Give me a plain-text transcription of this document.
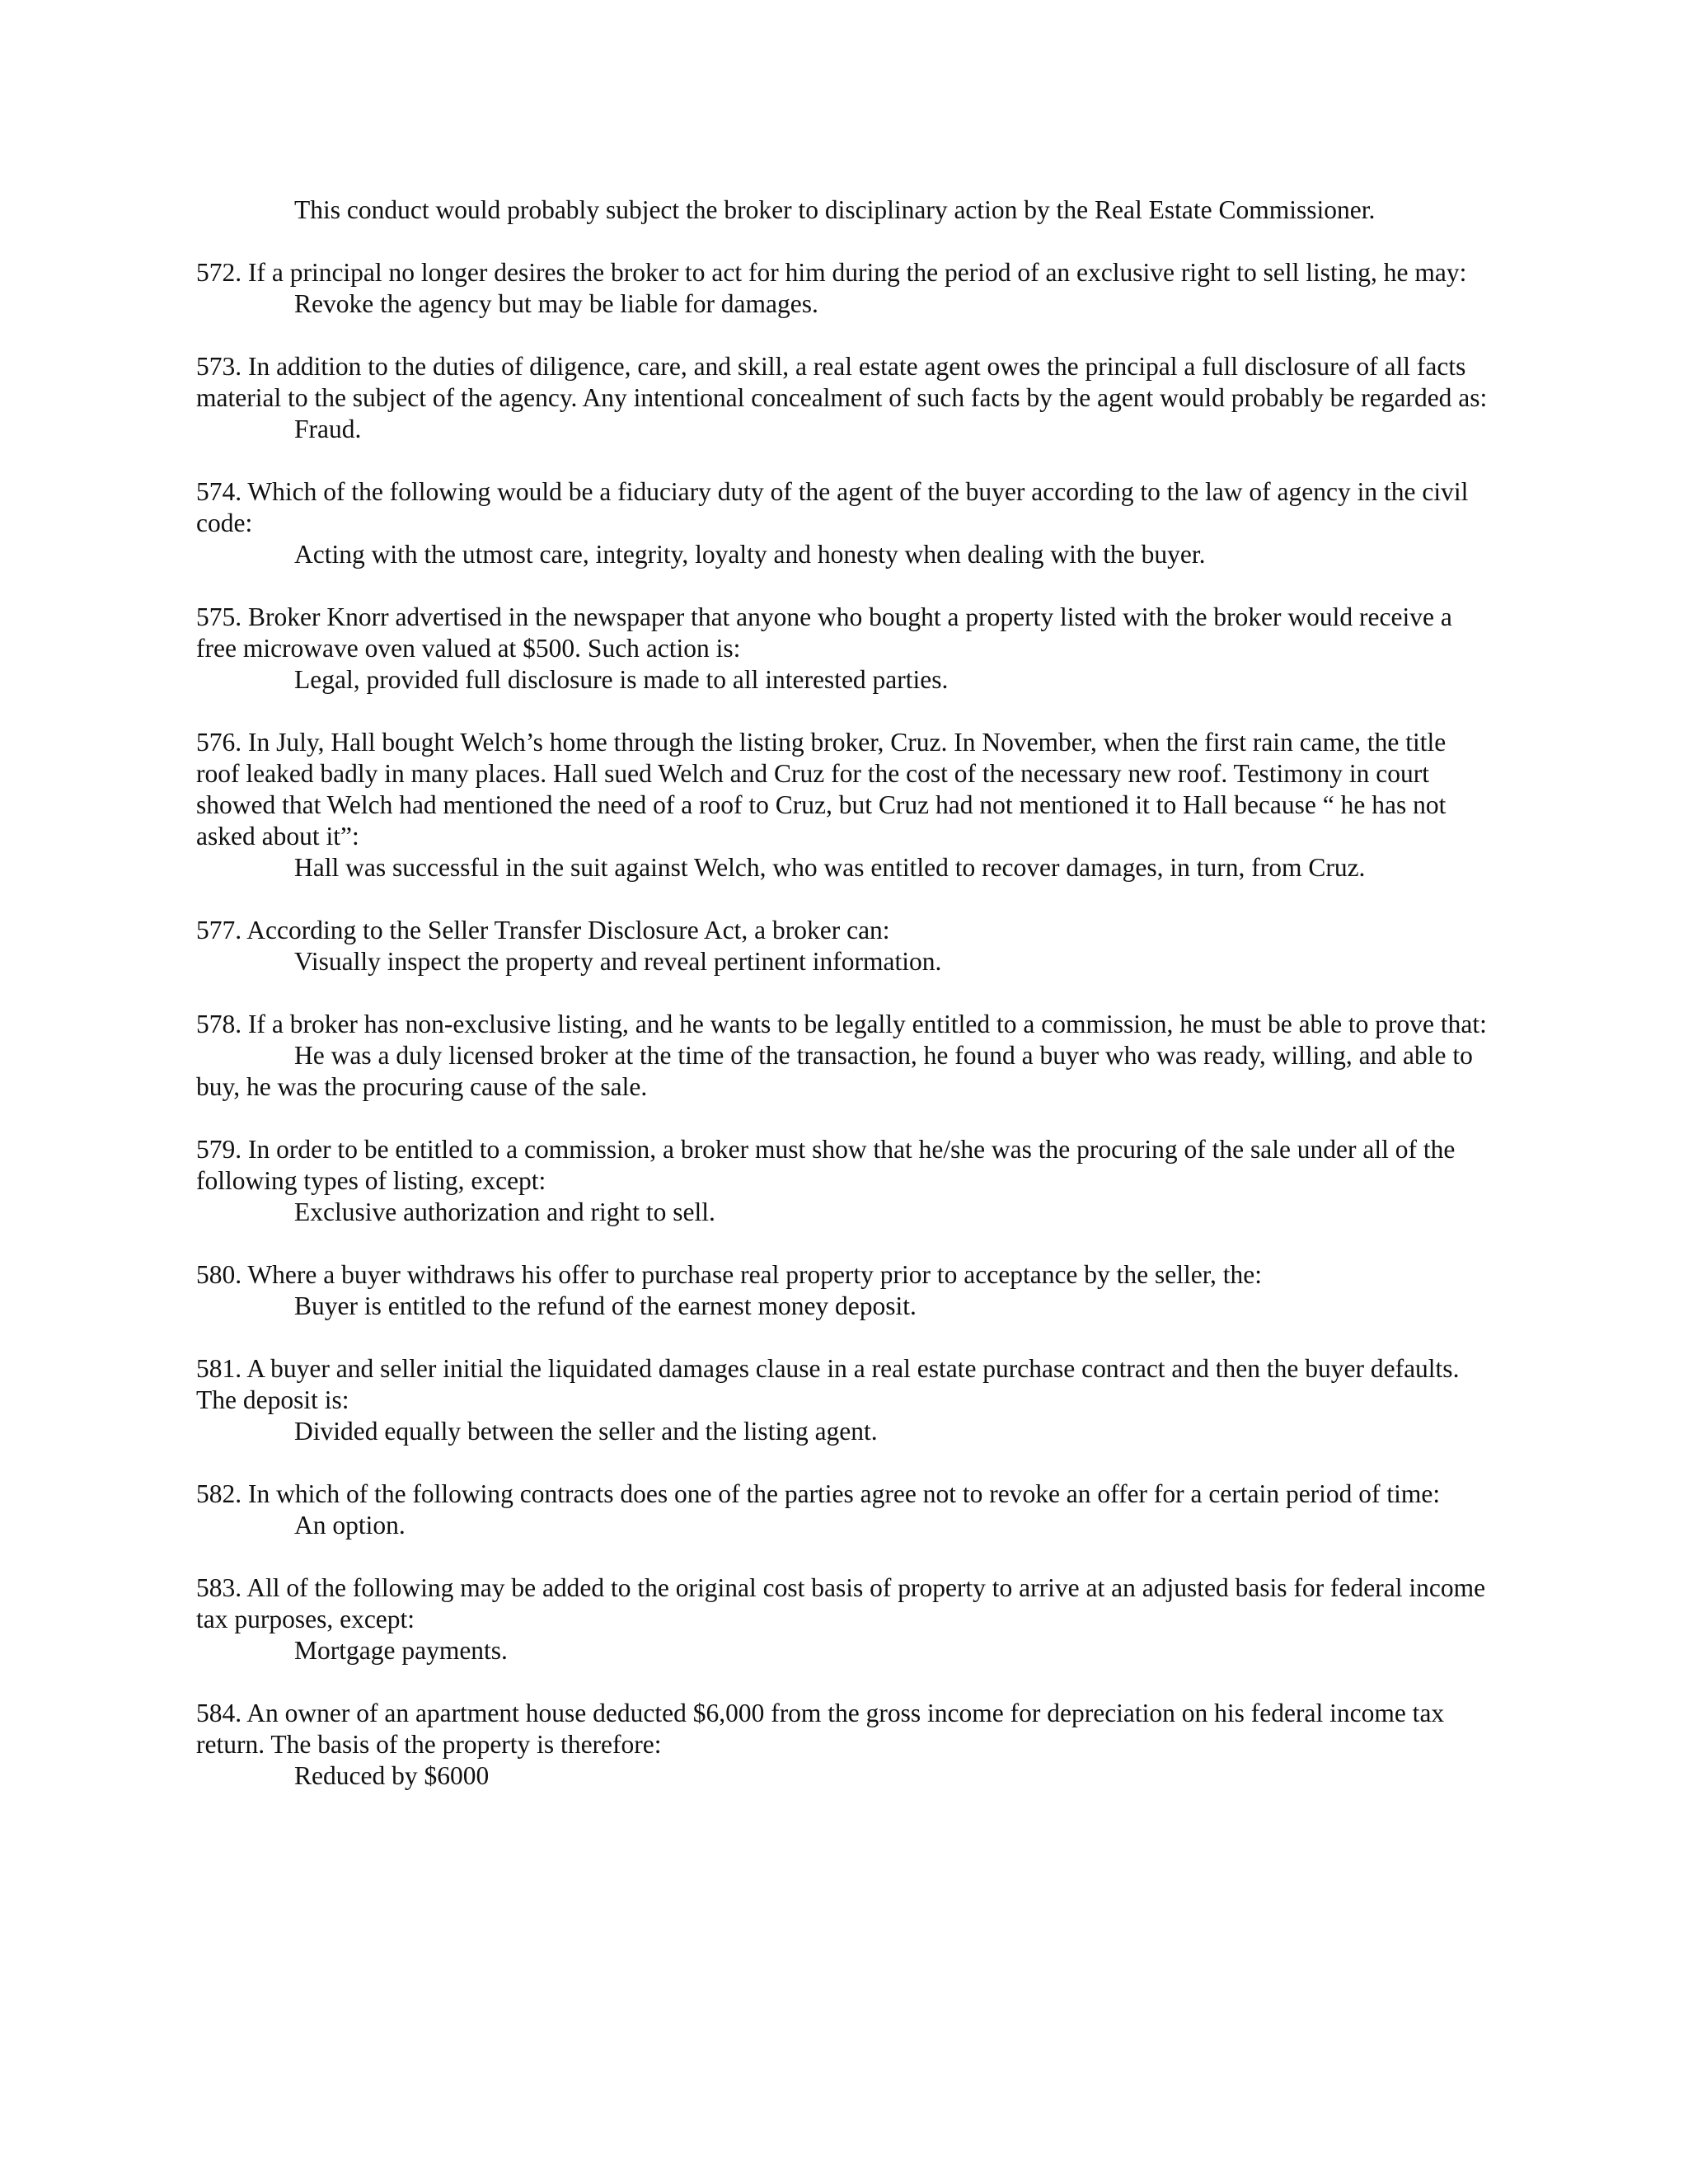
This conduct would probably subject the broker to disciplinary action by the Real Estate Commissioner.
572. If a principal no longer desires the broker to act for him during the period of an exclusive right to sell listing, he may:
Revoke the agency but may be liable for damages.
573. In addition to the duties of diligence, care, and skill, a real estate agent owes the principal a full disclosure of all facts material to the subject of the agency. Any intentional concealment of such facts by the agent would probably be regarded as:
Fraud.
574. Which of the following would be a fiduciary duty of the agent of the buyer according to the law of agency in the civil code:
Acting with the utmost care, integrity, loyalty and honesty when dealing with the buyer.
575. Broker Knorr advertised in the newspaper that anyone who bought a property listed with the broker would receive a free microwave oven valued at $500. Such action is:
Legal, provided full disclosure is made to all interested parties.
576. In July, Hall bought Welch’s home through the listing broker, Cruz. In November, when the first rain came, the title roof leaked badly in many places. Hall sued Welch and Cruz for the cost of the necessary new roof. Testimony in court showed that Welch had mentioned the need of a roof to Cruz, but Cruz had not mentioned it to Hall because “ he has not asked about it”:
Hall was successful in the suit against Welch, who was entitled to recover damages, in turn, from Cruz.
577. According to the Seller Transfer Disclosure Act, a broker can:
Visually inspect the property and reveal pertinent information.
578. If a broker has non-exclusive listing, and he wants to be legally entitled to a commission, he must be able to prove that:
He was a duly licensed broker at the time of the transaction, he found a buyer who was ready, willing, and able to buy, he was the procuring cause of the sale.
579. In order to be entitled to a commission, a broker must show that he/she was the procuring of the sale under all of the following types of listing, except:
Exclusive authorization and right to sell.
580. Where a buyer withdraws his offer to purchase real property prior to acceptance by the seller, the:
Buyer is entitled to the refund of the earnest money deposit.
581. A buyer and seller initial the liquidated damages clause in a real estate purchase contract and then the buyer defaults. The deposit is:
Divided equally between the seller and the listing agent.
582. In which of the following contracts does one of the parties agree not to revoke an offer for a certain period of time:
An option.
583. All of the following may be added to the original cost basis of property to arrive at an adjusted basis for federal income tax purposes, except:
Mortgage payments.
584. An owner of an apartment house deducted $6,000 from the gross income for depreciation on his federal income tax return. The basis of the property is therefore:
Reduced by $6000
